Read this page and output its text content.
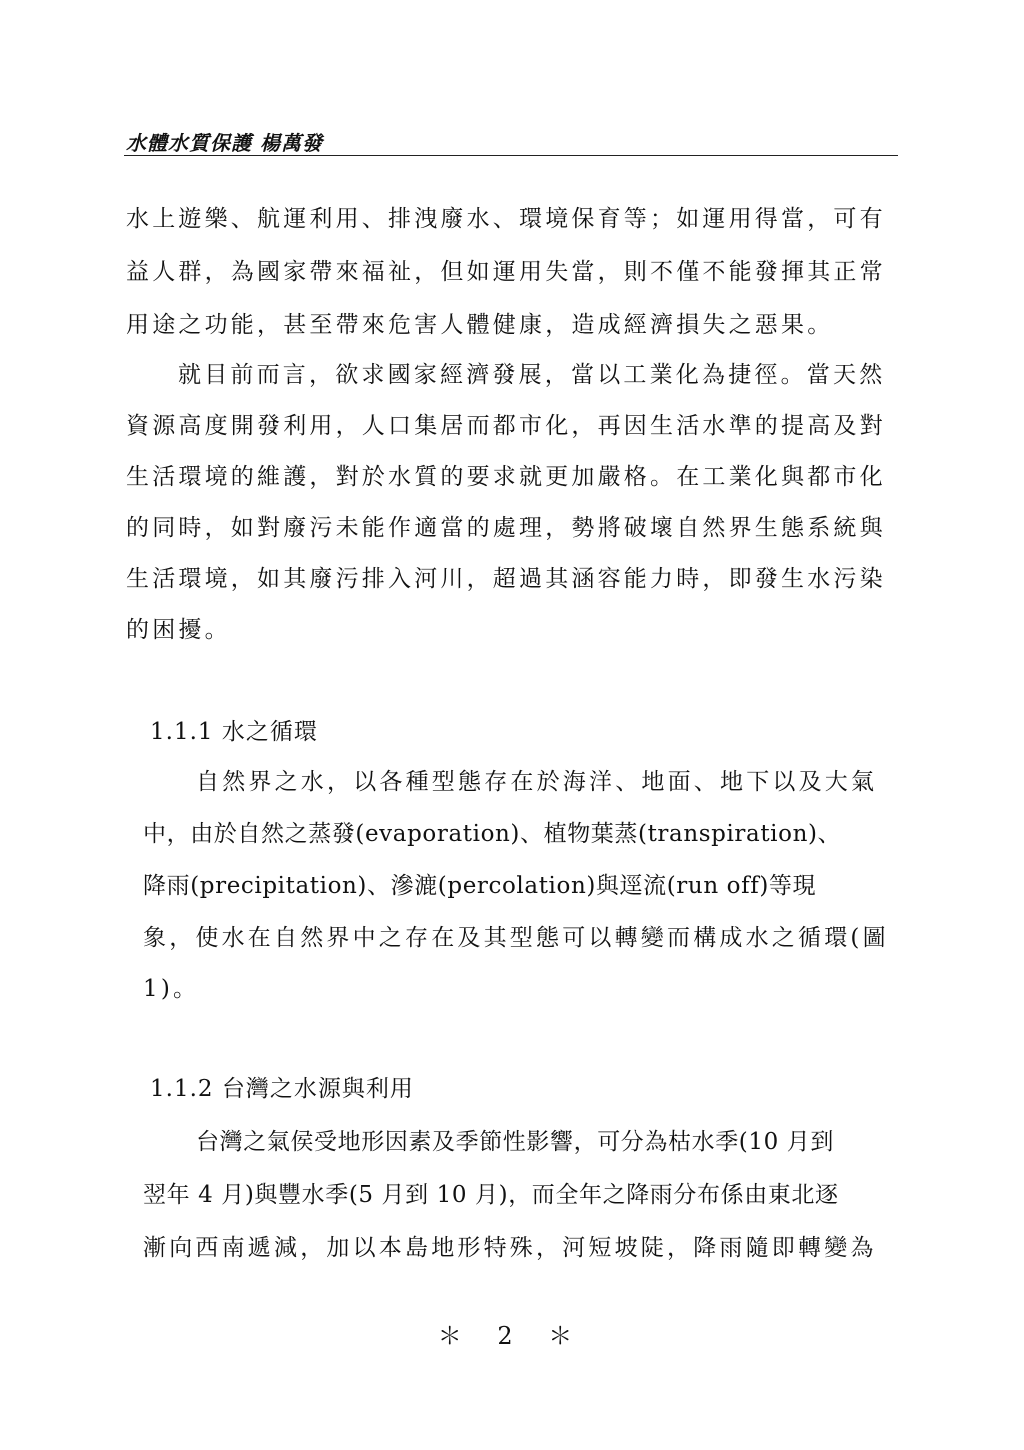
水體水質保護 楊萬發
水上遊樂、航運利用、排洩廢水、環境保育等；如運用得當，可有
益人群，為國家帶來福祉，但如運用失當，則不僅不能發揮其正常
用途之功能，甚至帶來危害人體健康，造成經濟損失之惡果。
就目前而言，欲求國家經濟發展，當以工業化為捷徑。當天然
資源高度開發利用，人口集居而都市化，再因生活水準的提高及對
生活環境的維護，對於水質的要求就更加嚴格。在工業化與都市化
的同時，如對廢污未能作適當的處理，勢將破壞自然界生態系統與
生活環境，如其廢污排入河川，超過其涵容能力時，即發生水污染
的困擾。
1.1.1 水之循環
自然界之水，以各種型態存在於海洋、地面、地下以及大氣
中，由於自然之蒸發(evaporation)、植物葉蒸(transpiration)、
降雨(precipitation)、滲漉(percolation)與逕流(run off)等現
象，使水在自然界中之存在及其型態可以轉變而構成水之循環(圖
1)。
1.1.2 台灣之水源與利用
台灣之氣侯受地形因素及季節性影響，可分為枯水季(10 月到
翌年 4 月)與豐水季(5 月到 10 月)，而全年之降雨分布係由東北逐
漸向西南遞減，加以本島地形特殊，河短坡陡，降雨隨即轉變為
＊ 2 ＊
